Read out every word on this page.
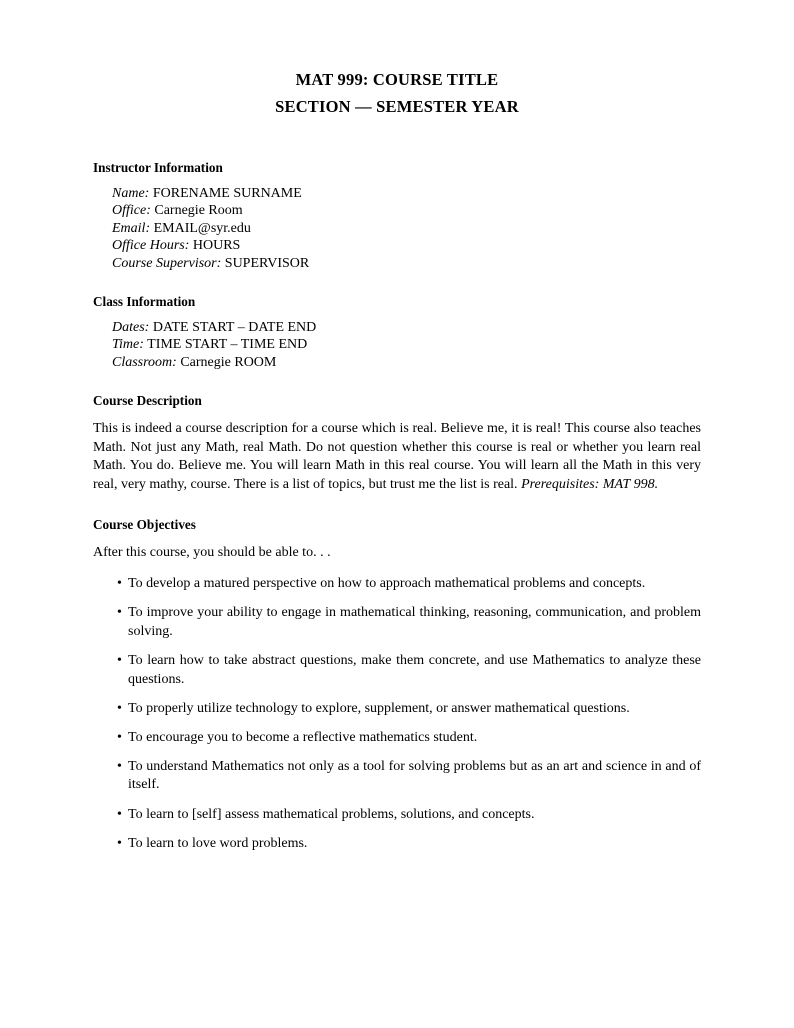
MAT 999: COURSE TITLE
SECTION — SEMESTER YEAR
Instructor Information
Name: FORENAME SURNAME
Office: Carnegie Room
Email: EMAIL@syr.edu
Office Hours: HOURS
Course Supervisor: SUPERVISOR
Class Information
Dates: DATE START – DATE END
Time: TIME START – TIME END
Classroom: Carnegie ROOM
Course Description

This is indeed a course description for a course which is real. Believe me, it is real! This course also teaches Math. Not just any Math, real Math. Do not question whether this course is real or whether you learn real Math. You do. Believe me. You will learn Math in this real course. You will learn all the Math in this very real, very mathy, course. There is a list of topics, but trust me the list is real. Prerequisites: MAT 998.

Course Objectives

After this course, you should be able to. . .

• To develop a matured perspective on how to approach mathematical problems and concepts.
• To improve your ability to engage in mathematical thinking, reasoning, communication, and problem solving.
• To learn how to take abstract questions, make them concrete, and use Mathematics to analyze these questions.
• To properly utilize technology to explore, supplement, or answer mathematical questions.
• To encourage you to become a reflective mathematics student.
• To understand Mathematics not only as a tool for solving problems but as an art and science in and of itself.
• To learn to [self] assess mathematical problems, solutions, and concepts.
• To learn to love word problems.
